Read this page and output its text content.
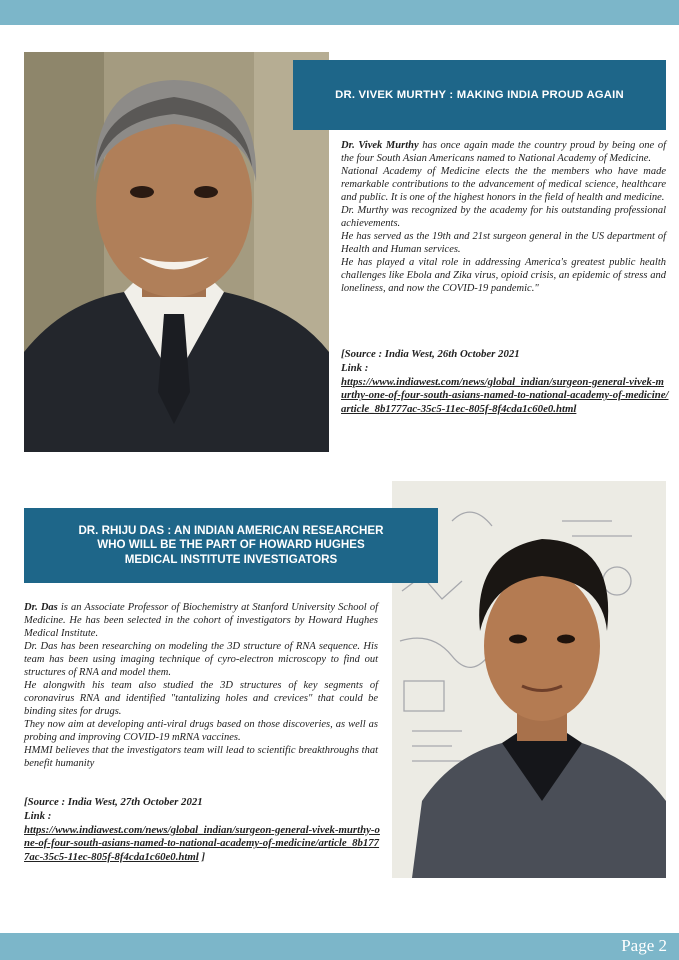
DR. VIVEK MURTHY : MAKING INDIA PROUD AGAIN

Dr. Vivek Murthy has once again made the country proud by being one of the four South Asian Americans named to National Academy of Medicine.

National Academy of Medicine elects the the members who have made remarkable contributions to the advancement of medical science, healthcare and public. It is one of the highest honors in the field of health and medicine.

Dr. Murthy was recognized by the academy for his outstanding professional achievements.

He has served as the 19th and 21st surgeon general in the US department of Health and Human services.

He has played a vital role in addressing America's greatest public health challenges like Ebola and Zika virus, opioid crisis, an epidemic of stress and loneliness, and now the COVID-19 pandemic."

[Source : India West, 26th October 2021
Link :
https://www.indiawest.com/news/global_indian/surgeon-general-vivek-murthy-one-of-four-south-asians-named-to-national-academy-of-medicine/article_8b1777ac-35c5-11ec-805f-8f4cda1c60e0.html
DR. RHIJU DAS : AN INDIAN AMERICAN RESEARCHER
WHO WILL BE THE PART OF HOWARD HUGHES
MEDICAL INSTITUTE INVESTIGATORS

Dr. Das is an Associate Professor of Biochemistry at Stanford University School of Medicine. He has been selected in the cohort of investigators by Howard Hughes Medical Institute.

Dr. Das has been researching on modeling the 3D structure of RNA sequence. His team has been using imaging technique of cyro-electron microscopy to find out structures of RNA and model them.

He alongwith his team also studied the 3D structures of key segments of coronavirus RNA and identified "tantalizing holes and crevices" that could be binding sites for drugs.

They now aim at developing anti-viral drugs based on those discoveries, as well as probing and improving COVID-19 mRNA vaccines.

HMMI believes that the investigators team will lead to scientific breakthroughs that benefit humanity

[Source : India West, 27th October 2021
Link :
https://www.indiawest.com/news/global_indian/surgeon-general-vivek-murthy-one-of-four-south-asians-named-to-national-academy-of-medicine/article_8b1777ac-35c5-11ec-805f-8f4cda1c60e0.html ]
Page 2
